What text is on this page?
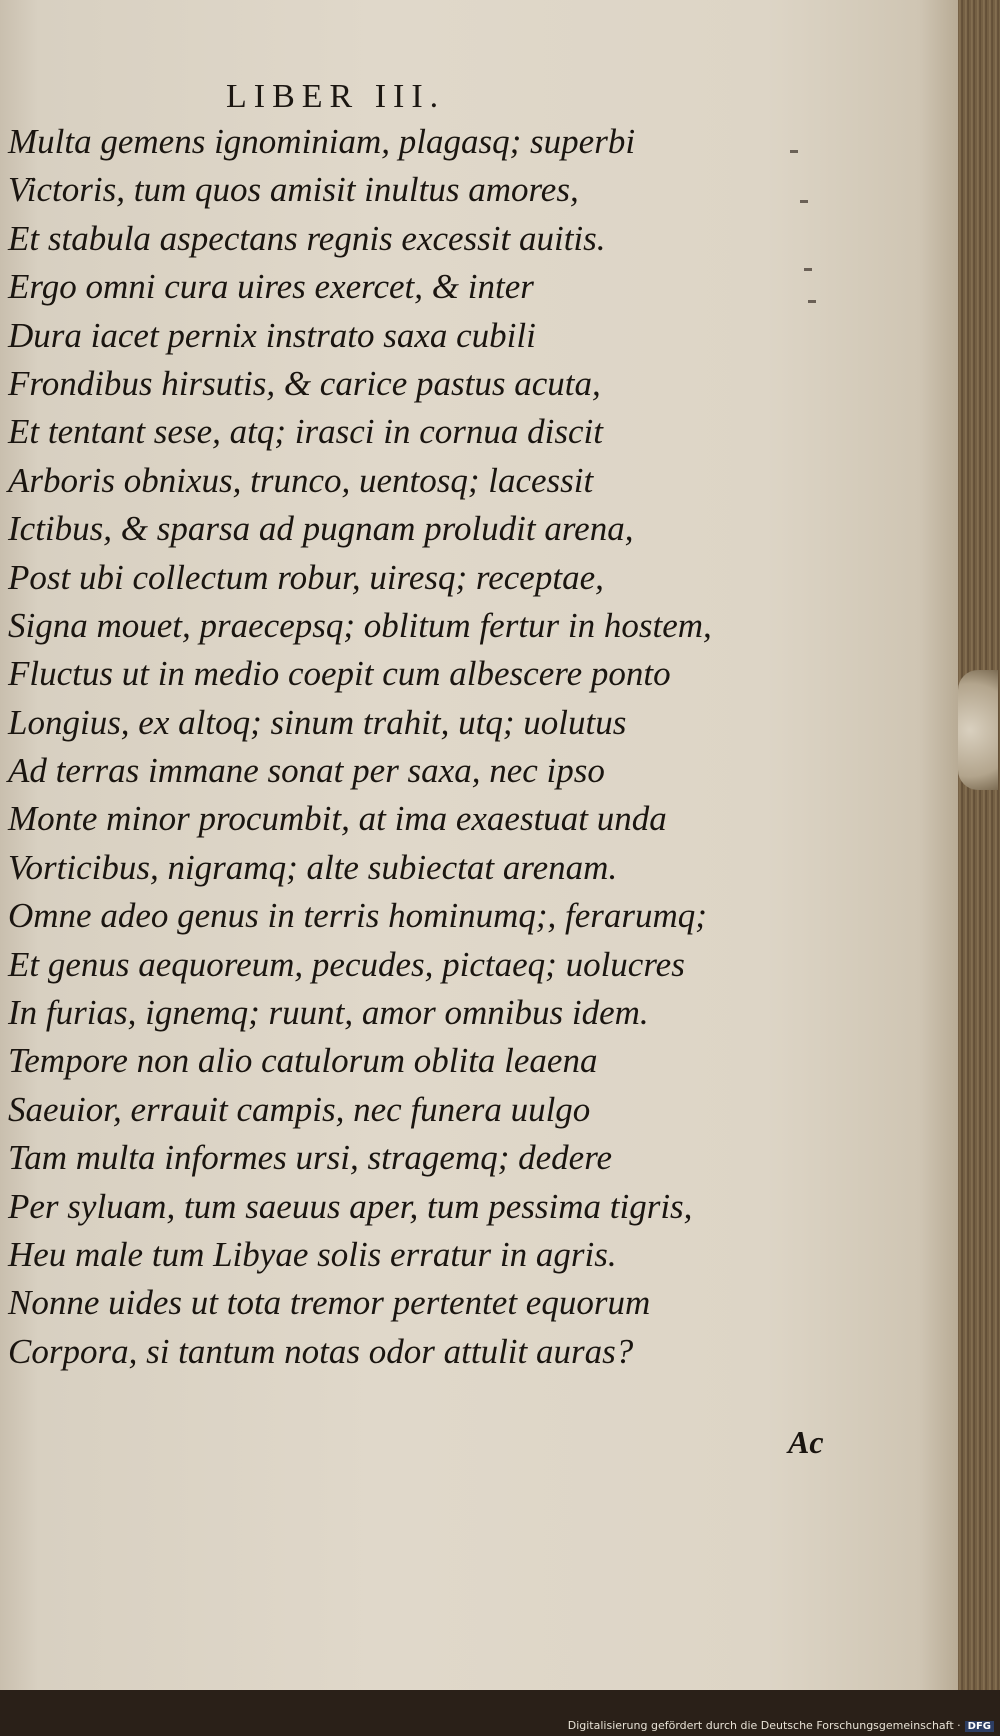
LIBER III.
Multa gemens ignominiam, plagasq; superbi
Victoris, tum quos amisit inultus amores,
Et stabula aspectans regnis excessit auitis.
Ergo omni cura uires exercet, & inter
Dura iacet pernix instrato saxa cubili
Frondibus hirsutis, & carice pastus acuta,
Et tentant sese, atq; irasci in cornua discit
Arboris obnixus, trunco, uentosq; lacessit
Ictibus, & sparsa ad pugnam proludit arena,
Post ubi collectum robur, uiresq; receptae,
Signa mouet, praecepsq; oblitum fertur in hostem,
Fluctus ut in medio coepit cum albescere ponto
Longius, ex altoq; sinum trahit, utq; uolutus
Ad terras immane sonat per saxa, nec ipso
Monte minor procumbit, at ima exaestuat unda
Vorticibus, nigramq; alte subiectat arenam.
Omne adeo genus in terris hominumq;, ferarumq;
Et genus aequoreum, pecudes, pictaeq; uolucres
In furias, ignemq; ruunt, amor omnibus idem.
Tempore non alio catulorum oblita leaena
Saeuior, errauit campis, nec funera uulgo
Tam multa informes ursi, stragemq; dedere
Per syluam, tum saeuus aper, tum pessima tigris,
Heu male tum Libyae solis erratur in agris.
Nonne uides ut tota tremor pertentet equorum
Corpora, si tantum notas odor attulit auras?
Ac
Digitalisierung gefördert durch die Deutsche Forschungsgemeinschaft · DFG
